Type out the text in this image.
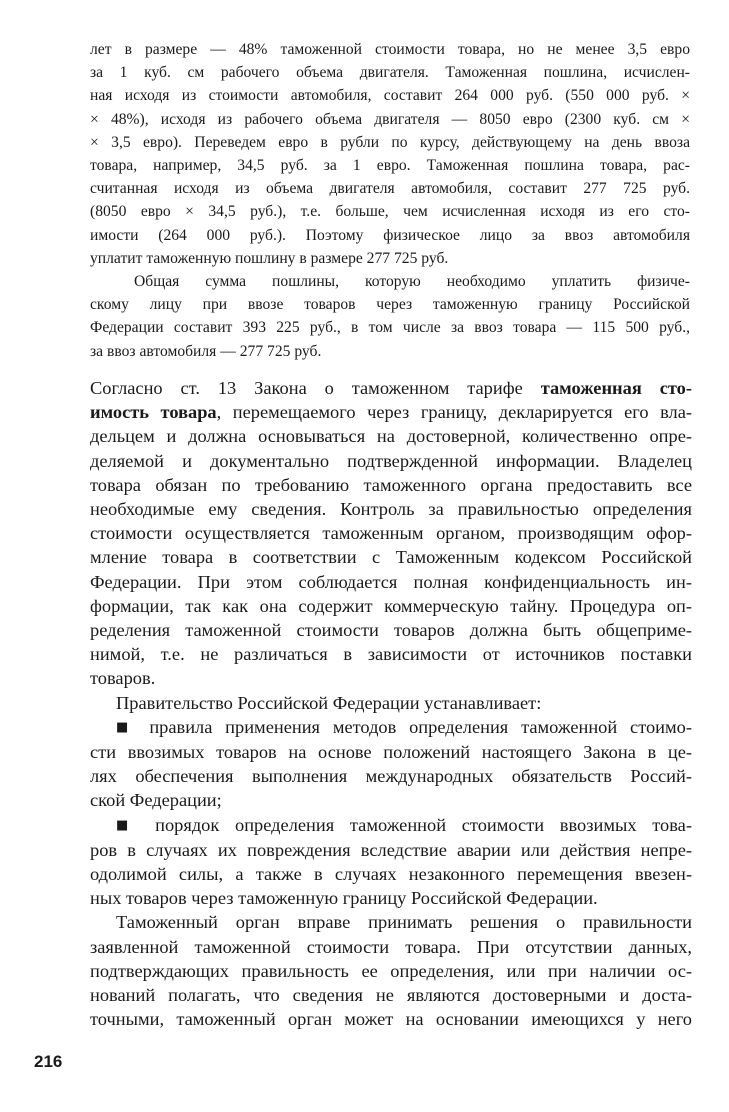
лет в размере — 48% таможенной стоимости товара, но не менее 3,5 евро
за 1 куб. см рабочего объема двигателя. Таможенная пошлина, исчислен-
ная исходя из стоимости автомобиля, составит 264 000 руб. (550 000 руб. ×
× 48%), исходя из рабочего объема двигателя — 8050 евро (2300 куб. см ×
× 3,5 евро). Переведем евро в рубли по курсу, действующему на день ввоза
товара, например, 34,5 руб. за 1 евро. Таможенная пошлина товара, рас-
считанная исходя из объема двигателя автомобиля, составит 277 725 руб.
(8050 евро × 34,5 руб.), т.е. больше, чем исчисленная исходя из его сто-
имости (264 000 руб.). Поэтому физическое лицо за ввоз автомобиля
уплатит таможенную пошлину в размере 277 725 руб.
Общая сумма пошлины, которую необходимо уплатить физиче-
скому лицу при ввозе товаров через таможенную границу Российской
Федерации составит 393 225 руб., в том числе за ввоз товара — 115 500 руб.,
за ввоз автомобиля — 277 725 руб.
Согласно ст. 13 Закона о таможенном тарифе таможенная сто-
имость товара, перемещаемого через границу, декларируется его вла-
дельцем и должна основываться на достоверной, количественно опре-
деляемой и документально подтвержденной информации. Владелец
товара обязан по требованию таможенного органа предоставить все
необходимые ему сведения. Контроль за правильностью определения
стоимости осуществляется таможенным органом, производящим офор-
мление товара в соответствии с Таможенным кодексом Российской
Федерации. При этом соблюдается полная конфиденциальность ин-
формации, так как она содержит коммерческую тайну. Процедура оп-
ределения таможенной стоимости товаров должна быть общеприме-
нимой, т.е. не различаться в зависимости от источников поставки
товаров.
Правительство Российской Федерации устанавливает:
■ правила применения методов определения таможенной стоимо-
сти ввозимых товаров на основе положений настоящего Закона в це-
лях обеспечения выполнения международных обязательств Россий-
ской Федерации;
■ порядок определения таможенной стоимости ввозимых това-
ров в случаях их повреждения вследствие аварии или действия непре-
одолимой силы, а также в случаях незаконного перемещения ввезен-
ных товаров через таможенную границу Российской Федерации.
Таможенный орган вправе принимать решения о правильности
заявленной таможенной стоимости товара. При отсутствии данных,
подтверждающих правильность ее определения, или при наличии ос-
нований полагать, что сведения не являются достоверными и доста-
точными, таможенный орган может на основании имеющихся у него
216
